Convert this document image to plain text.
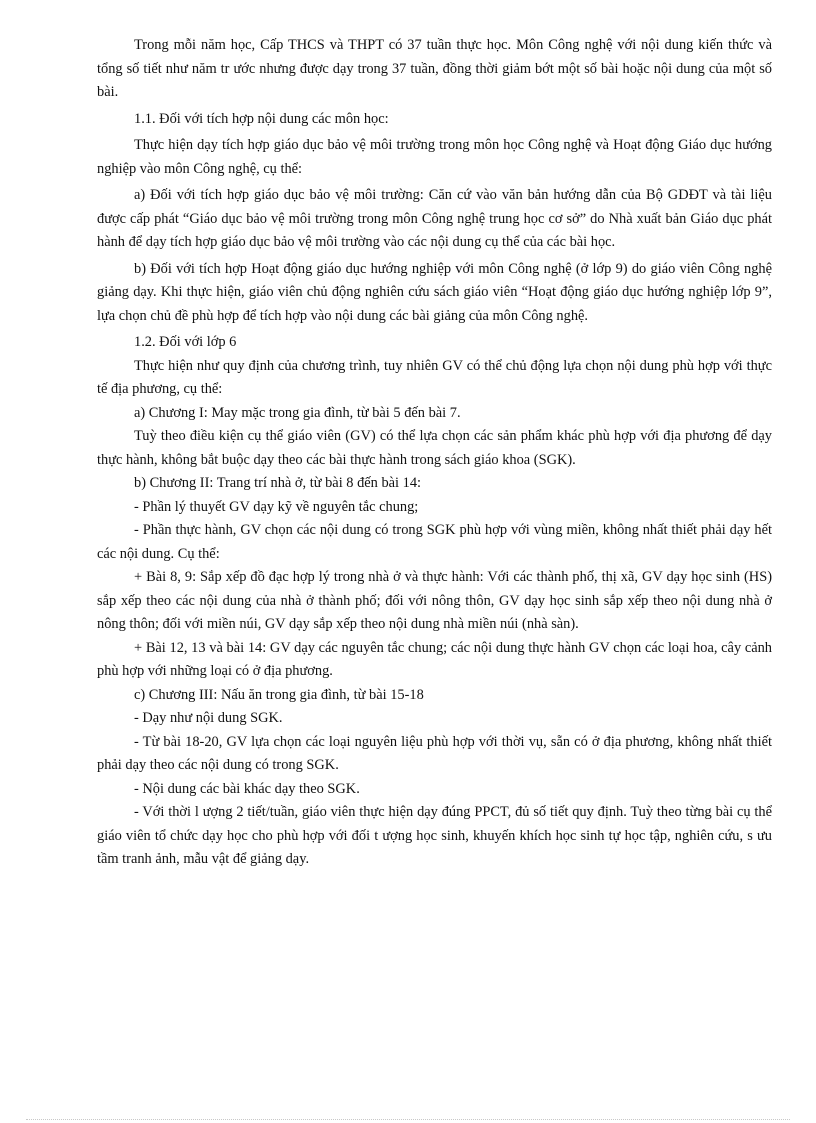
Trong mỗi năm học, Cấp THCS và THPT có 37 tuần thực học. Môn Công nghệ với nội dung kiến thức và tổng số tiết như năm tr ước nhưng được dạy trong 37 tuần, đồng thời giảm bớt một số bài hoặc nội dung của một số bài.

1.1. Đối với tích hợp nội dung các môn học:

Thực hiện dạy tích hợp giáo dục bảo vệ môi trường trong môn học Công nghệ và Hoạt động Giáo dục hướng nghiệp vào môn Công nghệ, cụ thể:

a) Đối với tích hợp giáo dục bảo vệ môi trường: Căn cứ vào văn bản hướng dẫn của Bộ GDĐT và tài liệu được cấp phát “Giáo dục bảo vệ môi trường trong môn Công nghệ trung học cơ sở” do Nhà xuất bản Giáo dục phát hành để dạy tích hợp giáo dục bảo vệ môi trường vào các nội dung cụ thể của các bài học.

b) Đối với tích hợp Hoạt động giáo dục hướng nghiệp với môn Công nghệ (ở lớp 9) do giáo viên Công nghệ giảng dạy. Khi thực hiện, giáo viên chủ động nghiên cứu sách giáo viên “Hoạt động giáo dục hướng nghiệp lớp 9”, lựa chọn chủ đề phù hợp để tích hợp vào nội dung các bài giảng của môn Công nghệ.

1.2. Đối với lớp 6

Thực hiện như quy định của chương trình, tuy nhiên GV có thể chủ động lựa chọn nội dung phù hợp với thực tế địa phương, cụ thể:

a) Chương I: May mặc trong gia đình, từ bài 5 đến bài 7.

Tuỳ theo điều kiện cụ thể giáo viên (GV) có thể lựa chọn các sản phẩm khác phù hợp với địa phương để dạy thực hành, không bắt buộc dạy theo các bài thực hành trong sách giáo khoa (SGK).

b) Chương II: Trang trí nhà ở, từ bài 8 đến bài 14:

- Phần lý thuyết GV dạy kỹ về nguyên tắc chung;

- Phần thực hành, GV chọn các nội dung có trong SGK phù hợp với vùng miền, không nhất thiết phải dạy hết các nội dung. Cụ thể:

+ Bài 8, 9: Sắp xếp đồ đạc hợp lý trong nhà ở và thực hành: Với các thành phố, thị xã, GV dạy học sinh (HS) sắp xếp theo các nội dung của nhà ở thành phố; đối với nông thôn, GV dạy học sinh sắp xếp theo nội dung nhà ở nông thôn; đối với miền núi, GV dạy sắp xếp theo nội dung nhà miền núi (nhà sàn).

+ Bài 12, 13 và bài 14: GV dạy các nguyên tắc chung; các nội dung thực hành GV chọn các loại hoa, cây cảnh phù hợp với những loại có ở địa phương.

c) Chương III: Nấu ăn trong gia đình, từ bài 15-18

- Dạy như nội dung SGK.

- Từ bài 18-20, GV lựa chọn các loại nguyên liệu phù hợp với thời vụ, sẵn có ở địa phương, không nhất thiết phải dạy theo các nội dung có trong SGK.

- Nội dung các bài khác dạy theo SGK.

- Với thời l ượng 2 tiết/tuần, giáo viên thực hiện dạy đúng PPCT, đủ số tiết quy định. Tuỳ theo từng bài cụ thể giáo viên tổ chức dạy học cho phù hợp với đối t ượng học sinh, khuyến khích học sinh tự học tập, nghiên cứu, s ưu tầm tranh ảnh, mẫu vật để giảng dạy.
